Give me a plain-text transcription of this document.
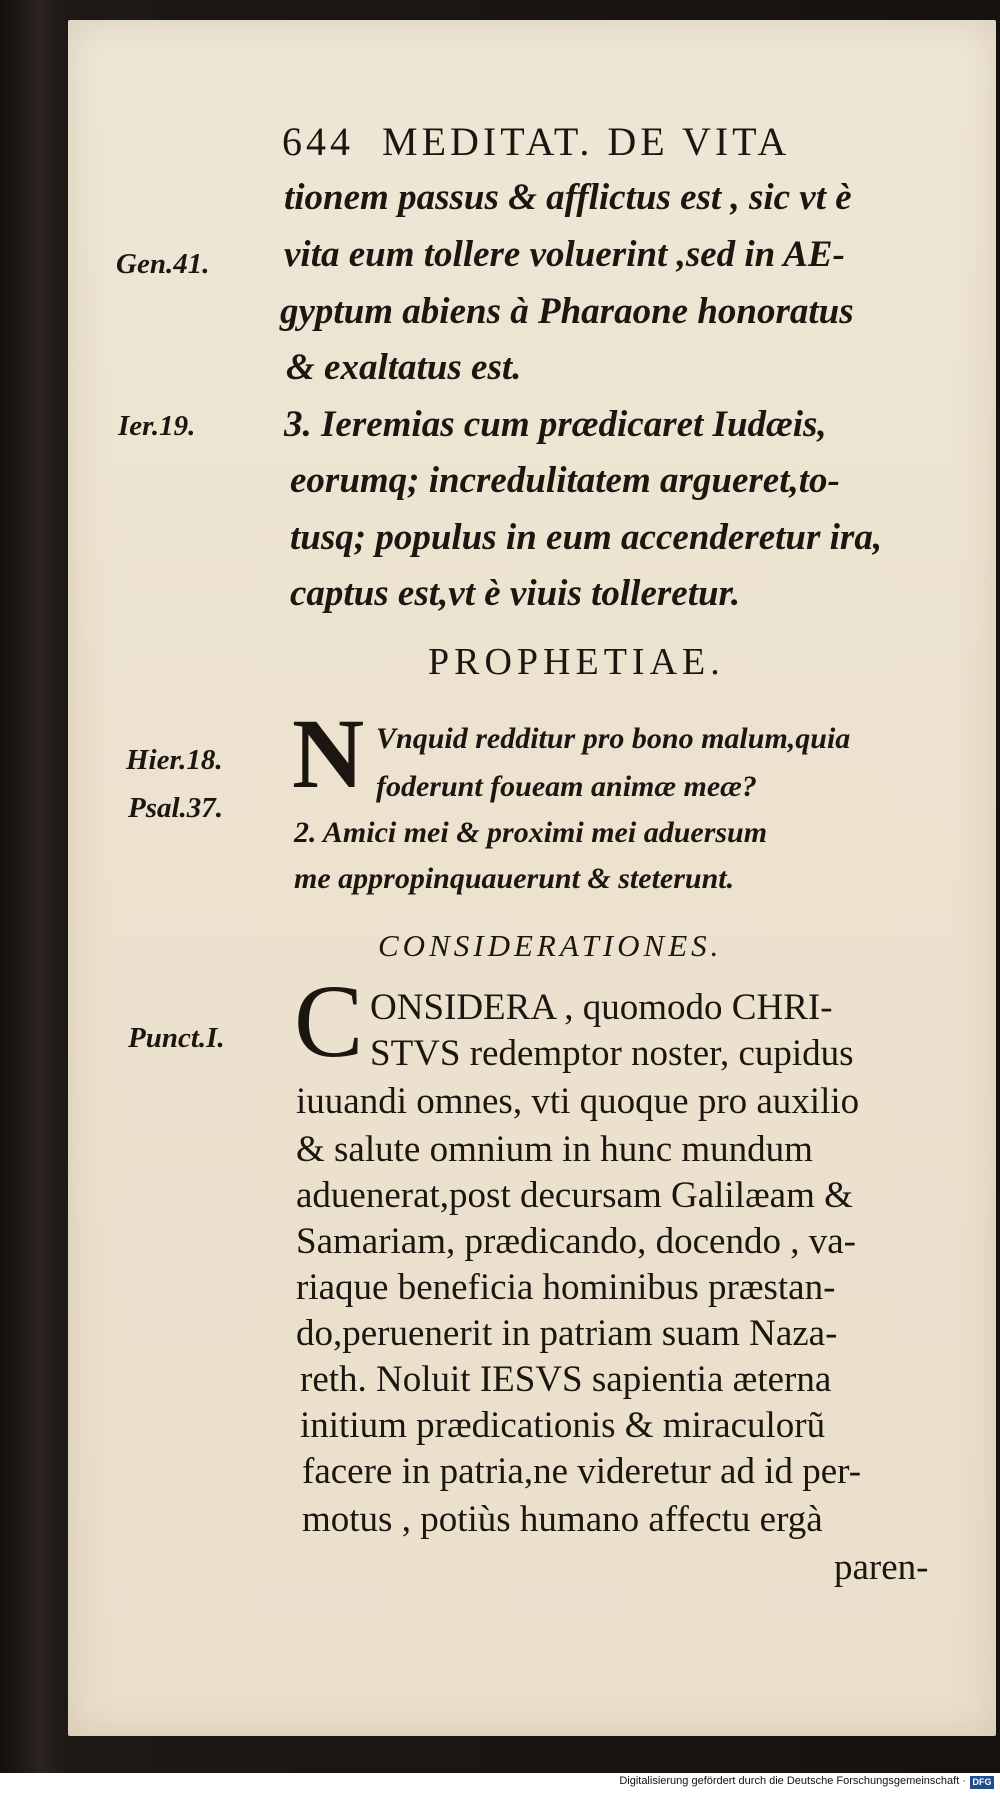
644 MEDITAT. DE VITA
Gen.41.
Ier.19.
Hier.18.
Psal.37.
Punct.I.
tionem passus & afflictus est , sic vt è
vita eum tollere voluerint ,sed in AE-
gyptum abiens à Pharaone honoratus
& exaltatus est.
3. Ieremias cum prædicaret Iudæis,
eorumq; incredulitatem argueret,to-
tusq; populus in eum accenderetur ira,
captus est,vt è viuis tolleretur.
PROPHETIAE.
N Vnquid redditur pro bono malum,quia
foderunt foueam animæ meæ?
2. Amici mei & proximi mei aduersum
me appropinquauerunt & steterunt.
CONSIDERATIONES.
C ONSIDERA , quomodo CHRI-
STVS redemptor noster, cupidus
iuuandi omnes, vti quoque pro auxilio
& salute omnium in hunc mundum
aduenerat,post decursam Galilæam &
Samariam, prædicando, docendo , va-
riaque beneficia hominibus præstan-
do,peruenerit in patriam suam Naza-
reth. Noluit IESVS sapientia æterna
initium prædicationis & miraculorũ
facere in patria,ne videretur ad id per-
motus , potiùs humano affectu ergà
paren-
Digitalisierung gefördert durch die Deutsche Forschungsgemeinschaft · DFG
